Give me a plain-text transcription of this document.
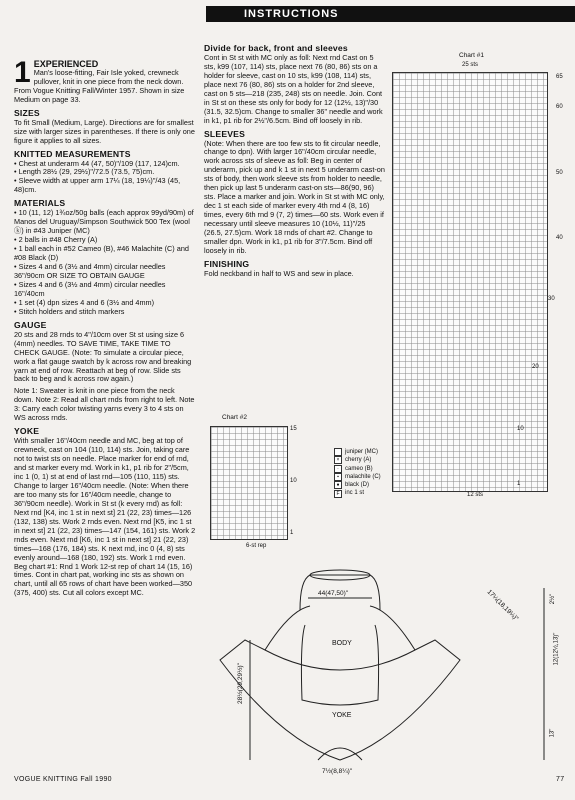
INSTRUCTIONS
1 EXPERIENCED

Man's loose-fitting, Fair Isle yoked, crewneck pullover, knit in one piece from the neck down. From Vogue Knitting Fall/Winter 1957. Shown in size Medium on page 33.

SIZES

To fit Small (Medium, Large). Directions are for smallest size with larger sizes in parentheses. If there is only one figure it applies to all sizes.

KNITTED MEASUREMENTS

• Chest at underarm 44 (47, 50)"/109 (117, 124)cm.

• Length 28½ (29, 29½)"/72.5 (73.5, 75)cm.

• Sleeve width at upper arm 17¼ (18, 19¼)"/43 (45, 48)cm.

MATERIALS

• 10 (11, 12) 1¾oz/50g balls (each approx 99yd/90m) of Manos del Uruguay/Simpson Southwick 500 Tex (wool ⓚ) in #43 Juniper (MC)

• 2 balls in #48 Cherry (A)

• 1 ball each in #52 Cameo (B), #46 Malachite (C) and #08 Black (D)

• Sizes 4 and 6 (3½ and 4mm) circular needles 36"/90cm OR SIZE TO OBTAIN GAUGE

• Sizes 4 and 6 (3½ and 4mm) circular needles 16"/40cm

• 1 set (4) dpn sizes 4 and 6 (3½ and 4mm)

• Stitch holders and stitch markers

GAUGE

20 sts and 28 rnds to 4"/10cm over St st using size 6 (4mm) needles. TO SAVE TIME, TAKE TIME TO CHECK GAUGE. (Note: To simulate a circular piece, work a flat gauge swatch by k across row and breaking yarn at end of row. Reattach at beg of row. Slide sts back to beg and k across row again.)

Note 1: Sweater is knit in one piece from the neck down. Note 2: Read all chart rnds from right to left. Note 3: Carry each color twisting yarns every 3 to 4 sts on WS across rnds.

YOKE

With smaller 16"/40cm needle and MC, beg at top of crewneck, cast on 104 (110, 114) sts. Join, taking care not to twist sts on needle. Place marker for end of rnd, and st marker every rnd. Work in k1, p1 rib for 2"/5cm, inc 1 (0, 1) st at end of last rnd—105 (110, 115) sts. Change to larger 16"/40cm needle. (Note: When there are too many sts for 16"/40cm needle, change to 36"/90cm needle). Work in St st (k every rnd) as foll: Next rnd [K4, inc 1 st in next st] 21 (22, 23) times—126 (132, 138) sts. Work 2 rnds even. Next rnd [K5, inc 1 st in next st] 21 (22, 23) times—147 (154, 161) sts. Work 2 rnds even. Next rnd [K6, inc 1 st in next st] 21 (22, 23) times—168 (176, 184) sts. K next rnd, inc 0 (4, 8) sts evenly around—168 (180, 192) sts. Work 1 rnd even. Beg chart #1: Rnd 1 Work 12-st rep of chart 14 (15, 16) times. Cont in chart pat, working inc sts as shown on chart, until all 65 rows of chart have been worked—350 (375, 400) sts. Cut all colors except MC.

Divide for back, front and sleeves

Cont in St st with MC only as foll: Next rnd Cast on 5 sts, k99 (107, 114) sts, place next 76 (80, 86) sts on a holder for sleeve, cast on 10 sts, k99 (108, 114) sts, place next 76 (80, 86) sts on a holder for 2nd sleeve, cast on 5 sts—218 (235, 248) sts on needle. Join. Cont in St st on these sts only for body for 12 (12½, 13)"/30 (31.5, 32.5)cm. Change to smaller 36" needle and work in k1, p1 rib for 2½"/6.5cm. Bind off loosely in rib.

SLEEVES

(Note: When there are too few sts to fit circular needle, change to dpn). With larger 16"/40cm circular needle, work across sts of sleeve as foll: Beg in center of underarm, pick up and k 1 st in next 5 underarm cast-on sts of body, then work sleeve sts from holder to needle, then pick up last 5 underarm cast-on sts—86(90, 96) sts. Place a marker and join. Work in St st with MC only, dec 1 st each side of marker every 4th rnd 4 (8, 16) times, every 6th rnd 9 (7, 2) times—60 sts. Work even if necessary until sleeve measures 10 (10½, 11)"/25 (26.5, 27.5)cm. Work 18 rnds of chart #2. Change to smaller dpn. Work in k1, p1 rib for 3"/7.5cm. Bind off loosely in rib.

FINISHING

Fold neckband in half to WS and sew in place.

Chart #1
25 sts
65
60
50
40
30
20
10
1
12 sts
Chart #2
15
10
1
6-st rep
juniper (MC)
× cherry (A)
·	cameo (B)
▪	malachite (C)
● black (D)
F inc 1 st
44(47,50)"
BODY
YOKE
7½(8,8¼)"
17¼(18,19¼)"
28½(29,29½)"
2½"
12(12½,13)"
13"
VOGUE KNITTING Fall 1990	77
